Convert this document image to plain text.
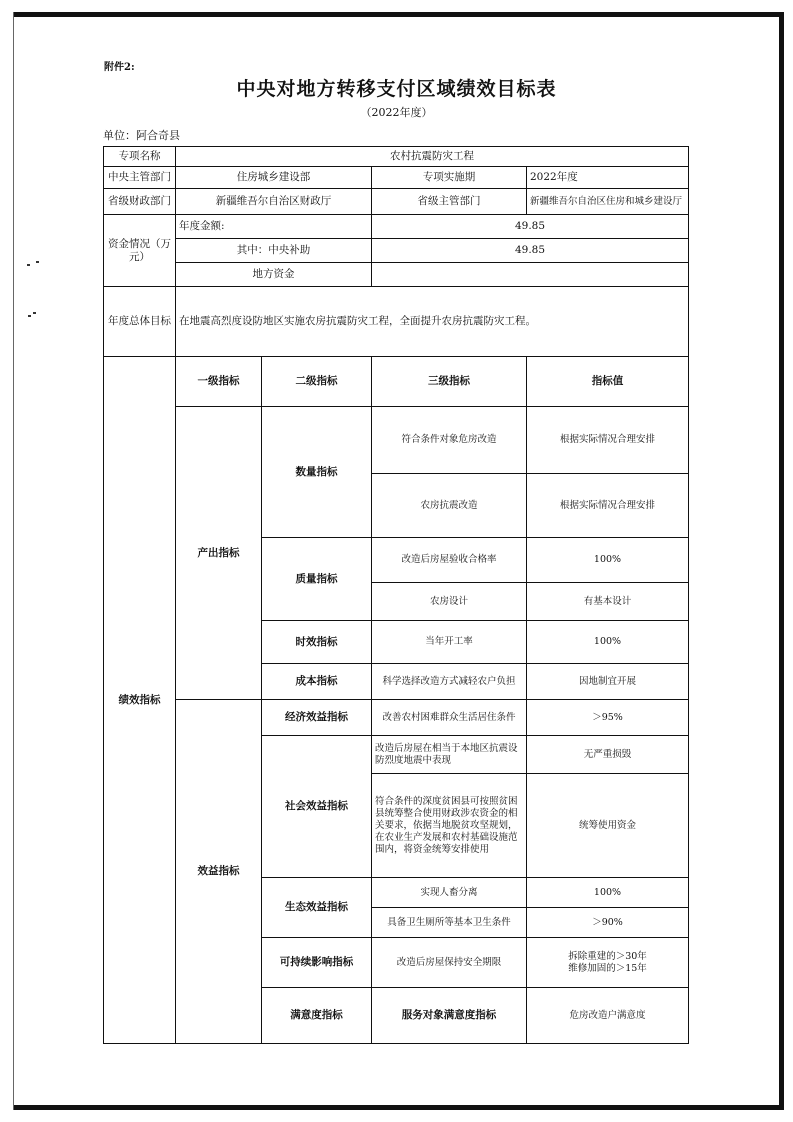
附件2:
中央对地方转移支付区域绩效目标表
（2022年度）
单位：阿合奇县
专项名称	农村抗震防灾工程				
中央主管部门	住房城乡建设部		专项实施期	2022年度	
省级财政部门	新疆维吾尔自治区财政厅		省级主管部门	新疆维吾尔自治区住房和城乡建设厅	
资金情况（万元）	年度金额:		49.85		
	其中：中央补助		49.85		
	地方资金				
年度总体目标	在地震高烈度设防地区实施农房抗震防灾工程，全面提升农房抗震防灾工程。				
绩效指标	一级指标	二级指标	三级指标	指标值	
	产出指标	数量指标	符合条件对象危房改造	根据实际情况合理安排	
			农房抗震改造	根据实际情况合理安排	
		质量指标	改造后房屋验收合格率	100%	
			农房设计	有基本设计	
		时效指标	当年开工率	100%	
		成本指标	科学选择改造方式减轻农户负担	因地制宜开展	
	效益指标	经济效益指标	改善农村困难群众生活居住条件	＞95%	
		社会效益指标	改造后房屋在相当于本地区抗震设防烈度地震中表现	无严重损毁	
			符合条件的深度贫困县可按照贫困县统筹整合使用财政涉农资金的相关要求，依据当地脱贫攻坚规划，在农业生产发展和农村基础设施范围内，将资金统筹安排使用	统筹使用资金	
		生态效益指标	实现人畜分离	100%	
			具备卫生厕所等基本卫生条件	＞90%	
		可持续影响指标	改造后房屋保持安全期限	拆除重建的＞30年
维修加固的＞15年	

		满意度指标	服务对象满意度指标	危房改造户满意度	
